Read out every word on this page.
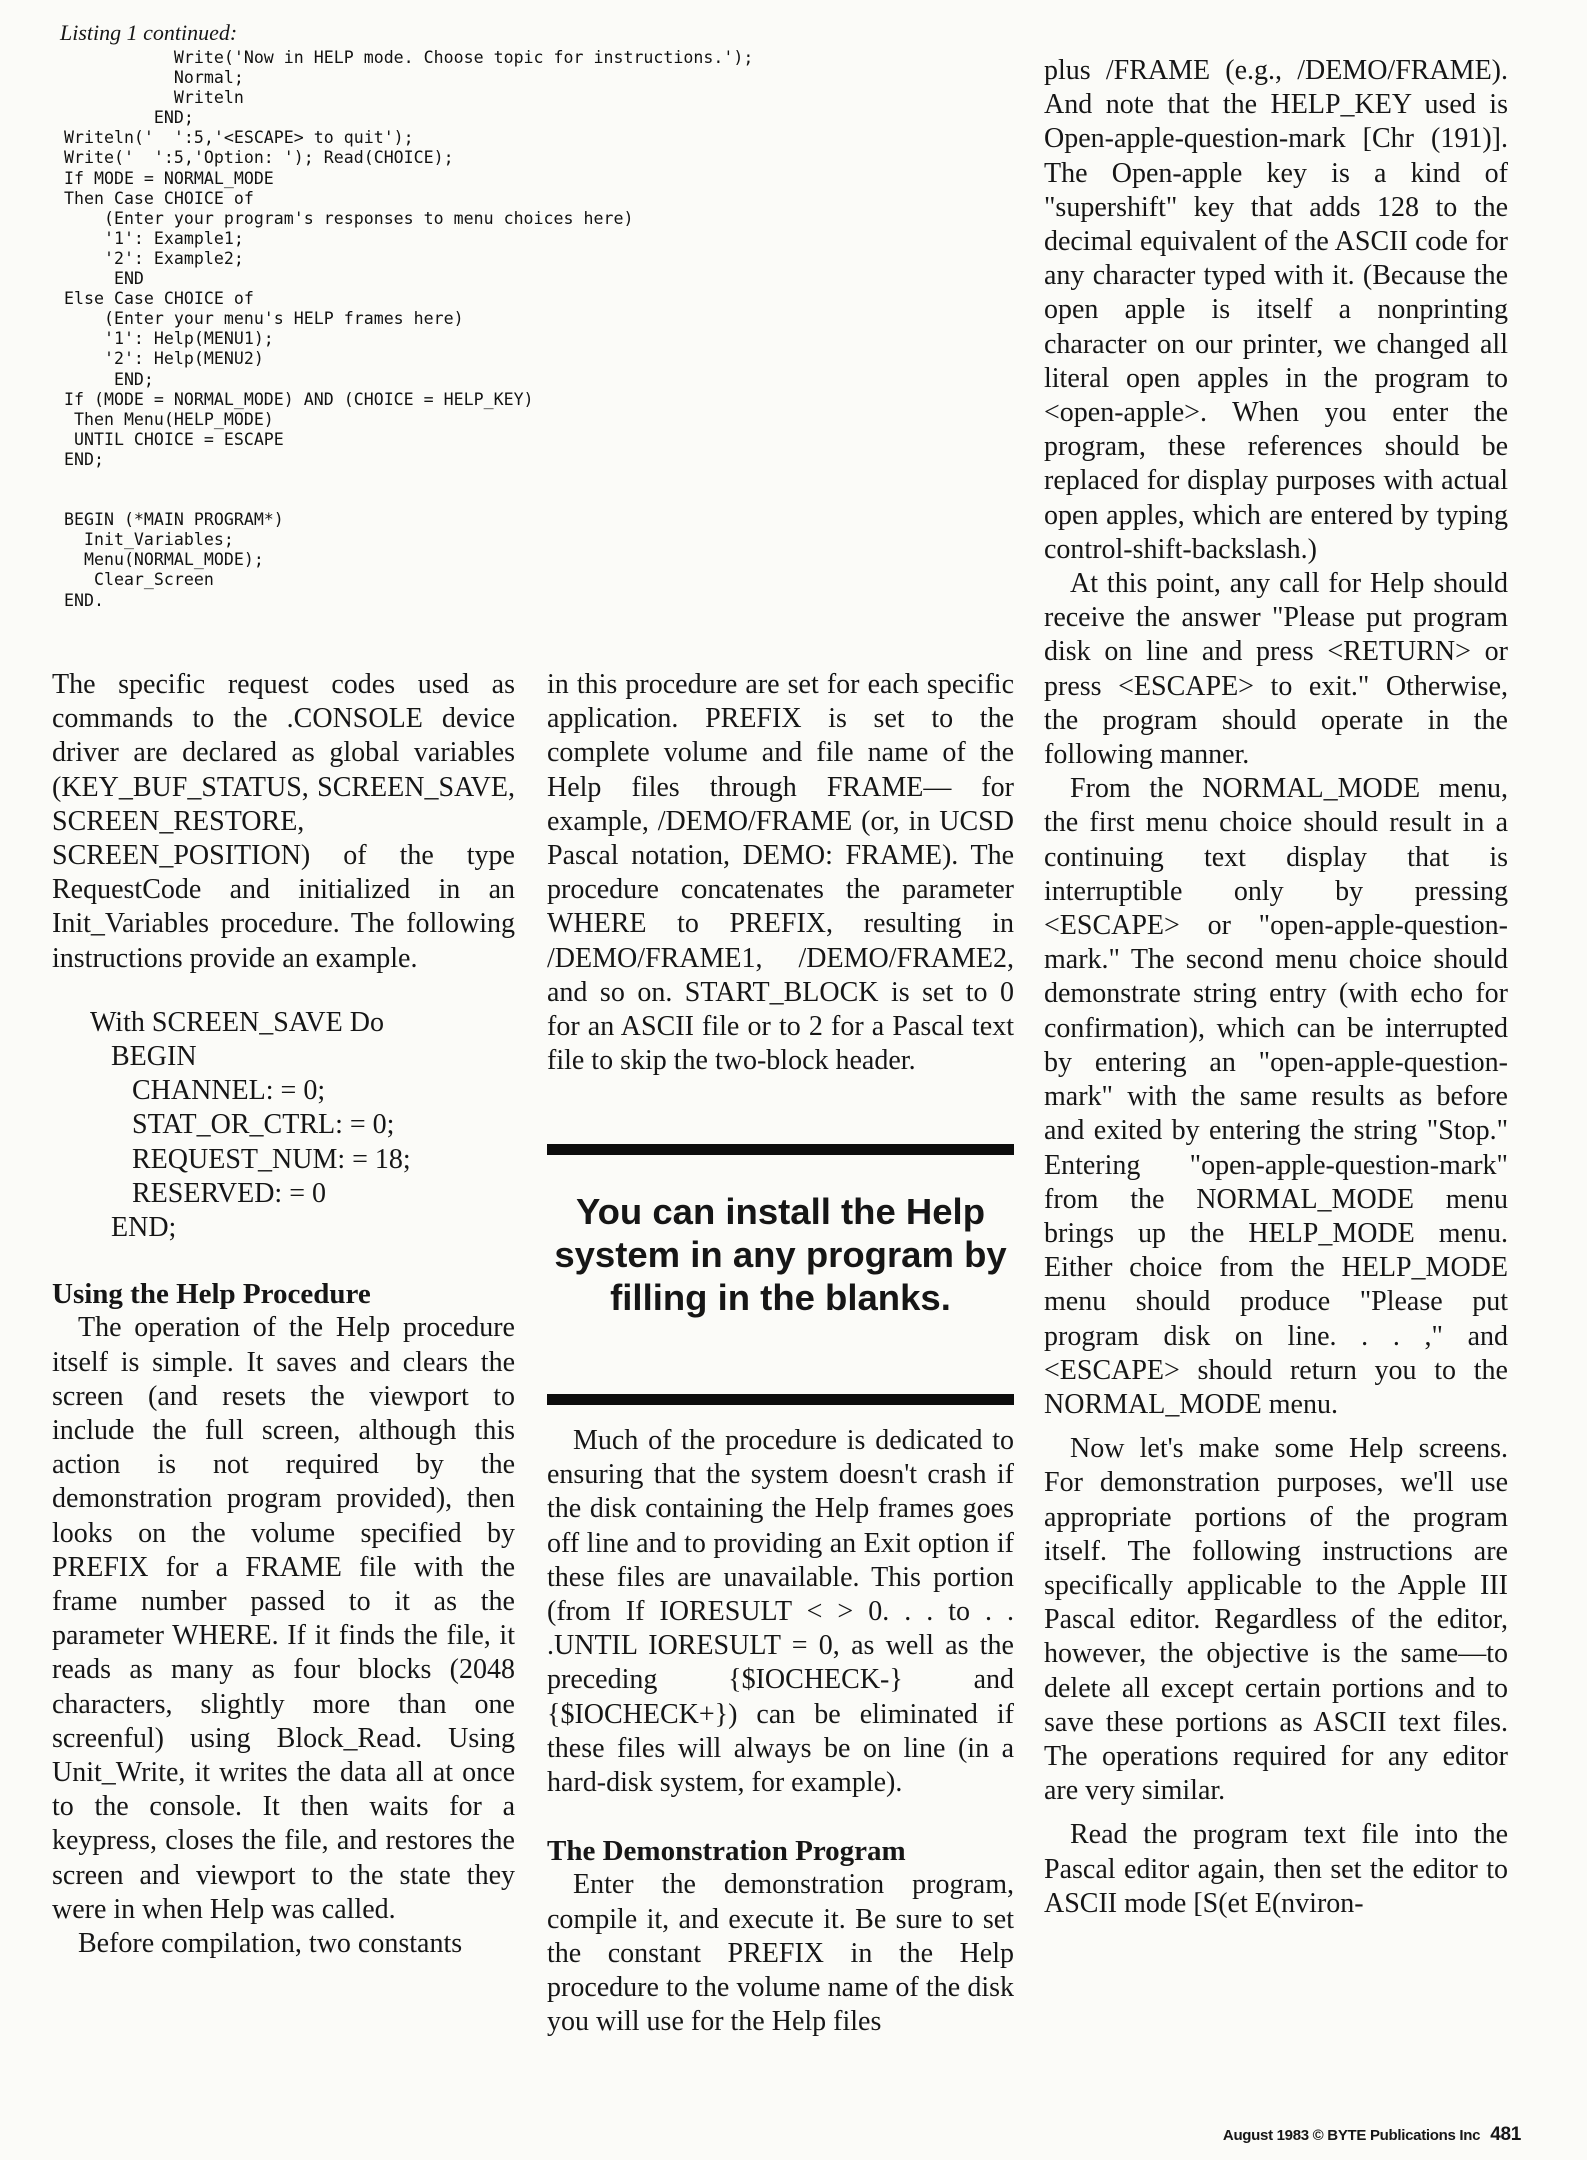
Listing 1 continued:
Write('Now in HELP mode. Choose topic for instructions.');
Normal;
Writeln
END;
Writeln('  ':5,'<ESCAPE> to quit');
Write('  ':5,'Option: '); Read(CHOICE);
If MODE = NORMAL_MODE
Then Case CHOICE of
(Enter your program's responses to menu choices here)
'1': Example1;
'2': Example2;
END
Else Case CHOICE of
(Enter your menu's HELP frames here)
'1': Help(MENU1);
'2': Help(MENU2)
END;
If (MODE = NORMAL_MODE) AND (CHOICE = HELP_KEY)
Then Menu(HELP_MODE)
UNTIL CHOICE = ESCAPE
END;
BEGIN (*MAIN PROGRAM*)
Init_Variables;
Menu(NORMAL_MODE);
Clear_Screen
END.

The specific request codes used as commands to the .CONSOLE device driver are declared as global variables (KEY_BUF_STATUS, SCREEN_SAVE, SCREEN_RESTORE, SCREEN_POSITION) of the type RequestCode and initialized in an Init_Variables procedure. The following instructions provide an example.

With SCREEN_SAVE Do
BEGIN
CHANNEL: = 0;
STAT_OR_CTRL: = 0;
REQUEST_NUM: = 18;
RESERVED: = 0
END;

Using the Help Procedure

The operation of the Help procedure itself is simple. It saves and clears the screen (and resets the viewport to include the full screen, although this action is not required by the demonstration program provided), then looks on the volume specified by PREFIX for a FRAME file with the frame number passed to it as the parameter WHERE. If it finds the file, it reads as many as four blocks (2048 characters, slightly more than one screenful) using Block_Read. Using Unit_Write, it writes the data all at once to the console. It then waits for a keypress, closes the file, and restores the screen and viewport to the state they were in when Help was called.

Before compilation, two constants

in this procedure are set for each specific application. PREFIX is set to the complete volume and file name of the Help files through FRAME— for example, /DEMO/FRAME (or, in UCSD Pascal notation, DEMO: FRAME). The procedure concatenates the parameter WHERE to PREFIX, resulting in /DEMO/FRAME1, /DEMO/FRAME2, and so on. START_BLOCK is set to 0 for an ASCII file or to 2 for a Pascal text file to skip the two-block header.

You can install the Help system in any program by filling in the blanks.

Much of the procedure is dedicated to ensuring that the system doesn't crash if the disk containing the Help frames goes off line and to providing an Exit option if these files are unavailable. This portion (from If IORESULT < > 0. . . to . . .UNTIL IORESULT = 0, as well as the preceding {$IOCHECK-} and {$IOCHECK+}) can be eliminated if these files will always be on line (in a hard-disk system, for example).

The Demonstration Program

Enter the demonstration program, compile it, and execute it. Be sure to set the constant PREFIX in the Help procedure to the volume name of the disk you will use for the Help files

plus /FRAME (e.g., /DEMO/FRAME). And note that the HELP_KEY used is Open-apple-question-mark [Chr (191)]. The Open-apple key is a kind of "supershift" key that adds 128 to the decimal equivalent of the ASCII code for any character typed with it. (Because the open apple is itself a nonprinting character on our printer, we changed all literal open apples in the program to <open-apple>. When you enter the program, these references should be replaced for display purposes with actual open apples, which are entered by typing control-shift-backslash.)

At this point, any call for Help should receive the answer "Please put program disk on line and press <RETURN> or press <ESCAPE> to exit." Otherwise, the program should operate in the following manner.

From the NORMAL_MODE menu, the first menu choice should result in a continuing text display that is interruptible only by pressing <ESCAPE> or "open-apple-question-mark." The second menu choice should demonstrate string entry (with echo for confirmation), which can be interrupted by entering an "open-apple-question-mark" with the same results as before and exited by entering the string "Stop." Entering "open-apple-question-mark" from the NORMAL_MODE menu brings up the HELP_MODE menu. Either choice from the HELP_MODE menu should produce "Please put program disk on line. . . ," and <ESCAPE> should return you to the NORMAL_MODE menu.

Now let's make some Help screens. For demonstration purposes, we'll use appropriate portions of the program itself. The following instructions are specifically applicable to the Apple III Pascal editor. Regardless of the editor, however, the objective is the same—to delete all except certain portions and to save these portions as ASCII text files. The operations required for any editor are very similar.

Read the program text file into the Pascal editor again, then set the editor to ASCII mode [S(et E(nviron-

August 1983 © BYTE Publications Inc 481
